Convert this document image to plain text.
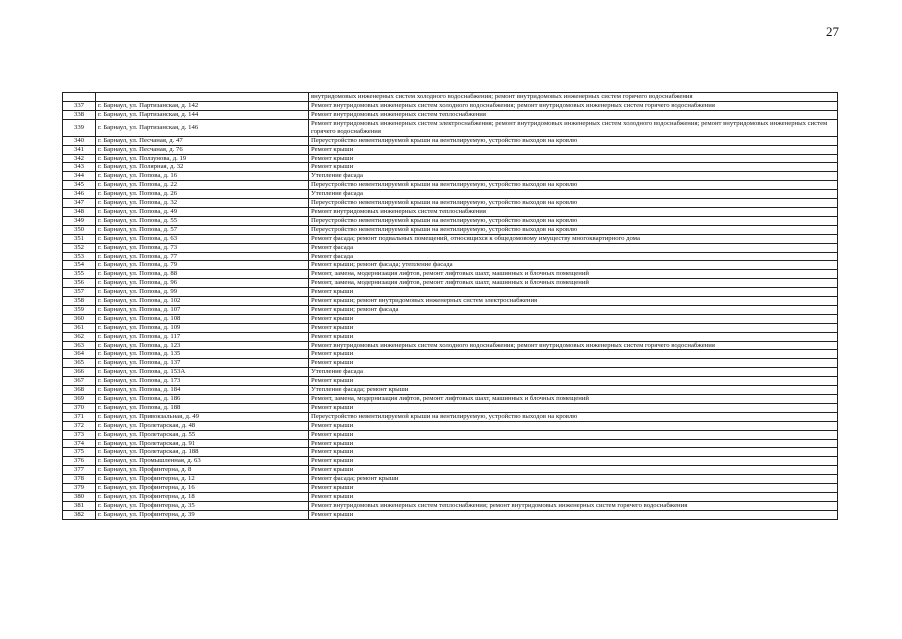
27
		внутридомовых инженерных систем холодного водоснабжения; ремонт внутридомовых инженерных систем горячего водоснабжения
337	г. Барнаул, ул. Партизанская, д. 142	Ремонт внутридомовых инженерных систем холодного водоснабжения; ремонт внутридомовых инженерных систем горячего водоснабжения
338	г. Барнаул, ул. Партизанская, д. 144	Ремонт внутридомовых инженерных систем теплоснабжения
339	г. Барнаул, ул. Партизанская, д. 146	Ремонт внутридомовых инженерных систем электроснабжения; ремонт внутридомовых инженерных систем холодного водоснабжения; ремонт внутридомовых инженерных систем горячего водоснабжения
340	г. Барнаул, ул. Песчаная, д. 47	Переустройство невентилируемой крыши на вентилируемую, устройство выходов на кровлю
341	г. Барнаул, ул. Песчаная, д. 76	Ремонт крыши
342	г. Барнаул, ул. Ползунова, д. 19	Ремонт крыши
343	г. Барнаул, ул. Полярная, д. 32	Ремонт крыши
344	г. Барнаул, ул. Попова, д. 16	Утепление фасада
345	г. Барнаул, ул. Попова, д. 22	Переустройство невентилируемой крыши на вентилируемую, устройство выходов на кровлю
346	г. Барнаул, ул. Попова, д. 26	Утепление фасада
347	г. Барнаул, ул. Попова, д. 32	Переустройство невентилируемой крыши на вентилируемую, устройство выходов на кровлю
348	г. Барнаул, ул. Попова, д. 49	Ремонт внутридомовых инженерных систем теплоснабжения
349	г. Барнаул, ул. Попова, д. 55	Переустройство невентилируемой крыши на вентилируемую, устройство выходов на кровлю
350	г. Барнаул, ул. Попова, д. 57	Переустройство невентилируемой крыши на вентилируемую, устройство выходов на кровлю
351	г. Барнаул, ул. Попова, д. 63	Ремонт фасада; ремонт подвальных помещений, относящихся к общедомовому имуществу многоквартирного дома
352	г. Барнаул, ул. Попова, д. 73	Ремонт фасада
353	г. Барнаул, ул. Попова, д. 77	Ремонт фасада
354	г. Барнаул, ул. Попова, д. 79	Ремонт крыши; ремонт фасада; утепление фасада
355	г. Барнаул, ул. Попова, д. 88	Ремонт, замена, модернизация лифтов, ремонт лифтовых шахт, машинных и блочных помещений
356	г. Барнаул, ул. Попова, д. 96	Ремонт, замена, модернизация лифтов, ремонт лифтовых шахт, машинных и блочных помещений
357	г. Барнаул, ул. Попова, д. 99	Ремонт крыши
358	г. Барнаул, ул. Попова, д. 102	Ремонт крыши; ремонт внутридомовых инженерных систем электроснабжения
359	г. Барнаул, ул. Попова, д. 107	Ремонт крыши; ремонт фасада
360	г. Барнаул, ул. Попова, д. 108	Ремонт крыши
361	г. Барнаул, ул. Попова, д. 109	Ремонт крыши
362	г. Барнаул, ул. Попова, д. 117	Ремонт крыши
363	г. Барнаул, ул. Попова, д. 123	Ремонт внутридомовых инженерных систем холодного водоснабжения; ремонт внутридомовых инженерных систем горячего водоснабжения
364	г. Барнаул, ул. Попова, д. 135	Ремонт крыши
365	г. Барнаул, ул. Попова, д. 137	Ремонт крыши
366	г. Барнаул, ул. Попова, д. 153А	Утепление фасада
367	г. Барнаул, ул. Попова, д. 173	Ремонт крыши
368	г. Барнаул, ул. Попова, д. 184	Утепление фасада; ремонт крыши
369	г. Барнаул, ул. Попова, д. 186	Ремонт, замена, модернизация лифтов, ремонт лифтовых шахт, машинных и блочных помещений
370	г. Барнаул, ул. Попова, д. 188	Ремонт крыши
371	г. Барнаул, ул. Привокзальная, д. 49	Переустройство невентилируемой крыши на вентилируемую, устройство выходов на кровлю
372	г. Барнаул, ул. Пролетарская, д. 48	Ремонт крыши
373	г. Барнаул, ул. Пролетарская, д. 55	Ремонт крыши
374	г. Барнаул, ул. Пролетарская, д. 91	Ремонт крыши
375	г. Барнаул, ул. Пролетарская, д. 188	Ремонт крыши
376	г. Барнаул, ул. Промышленная, д. 63	Ремонт крыши
377	г. Барнаул, ул. Профинтерна, д. 8	Ремонт крыши
378	г. Барнаул, ул. Профинтерна, д. 12	Ремонт фасада; ремонт крыши
379	г. Барнаул, ул. Профинтерна, д. 16	Ремонт крыши
380	г. Барнаул, ул. Профинтерна, д. 18	Ремонт крыши
381	г. Барнаул, ул. Профинтерна, д. 35	Ремонт внутридомовых инженерных систем теплоснабжения; ремонт внутридомовых инженерных систем горячего водоснабжения
382	г. Барнаул, ул. Профинтерна, д. 39	Ремонт крыши
